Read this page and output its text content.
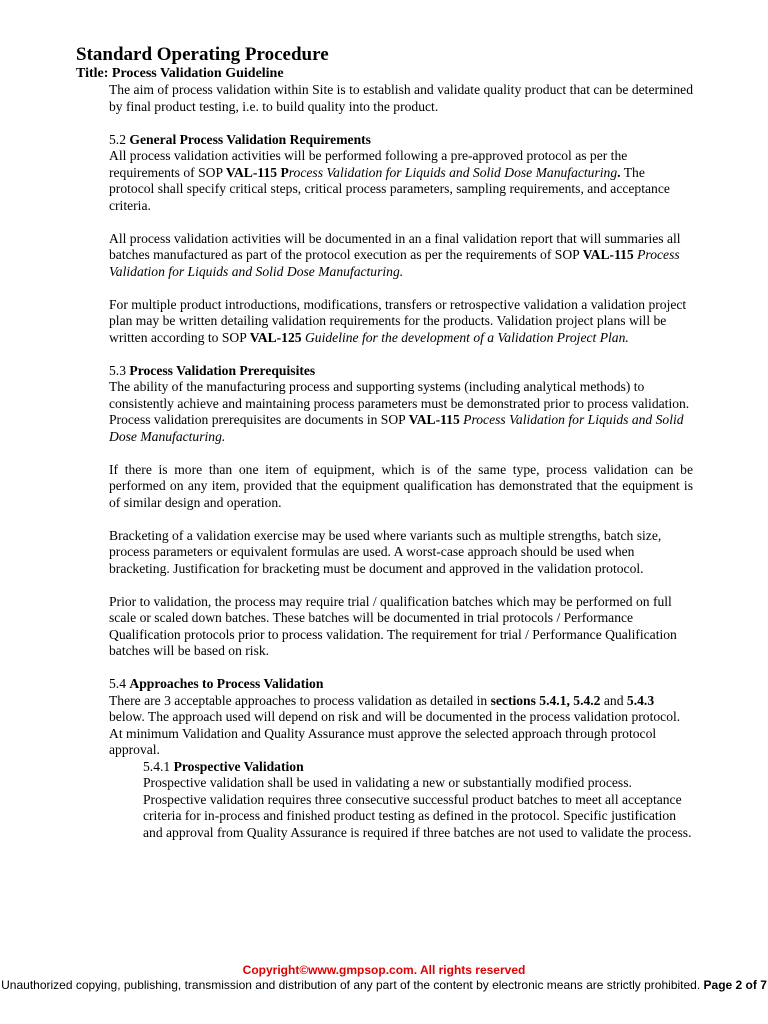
Standard Operating Procedure
Title: Process Validation Guideline

The aim of process validation within Site is to establish and validate quality product that can be determined by final product testing, i.e. to build quality into the product.

5.2 General Process Validation Requirements

All process validation activities will be performed following a pre-approved protocol as per the requirements of SOP VAL-115 Process Validation for Liquids and Solid Dose Manufacturing. The protocol shall specify critical steps, critical process parameters, sampling requirements, and acceptance criteria.

All process validation activities will be documented in an a final validation report that will summaries all batches manufactured as part of the protocol execution as per the requirements of SOP VAL-115 Process Validation for Liquids and Solid Dose Manufacturing.

For multiple product introductions, modifications, transfers or retrospective validation a validation project plan may be written detailing validation requirements for the products. Validation project plans will be written according to SOP VAL-125 Guideline for the development of a Validation Project Plan.

5.3 Process Validation Prerequisites

The ability of the manufacturing process and supporting systems (including analytical methods) to consistently achieve and maintaining process parameters must be demonstrated prior to process validation. Process validation prerequisites are documents in SOP VAL-115 Process Validation for Liquids and Solid Dose Manufacturing.

If there is more than one item of equipment, which is of the same type, process validation can be performed on any item, provided that the equipment qualification has demonstrated that the equipment is of similar design and operation.

Bracketing of a validation exercise may be used where variants such as multiple strengths, batch size, process parameters or equivalent formulas are used. A worst-case approach should be used when bracketing. Justification for bracketing must be document and approved in the validation protocol.

Prior to validation, the process may require trial / qualification batches which may be performed on full scale or scaled down batches. These batches will be documented in trial protocols / Performance Qualification protocols prior to process validation. The requirement for trial / Performance Qualification batches will be based on risk.

5.4 Approaches to Process Validation

There are 3 acceptable approaches to process validation as detailed in sections 5.4.1, 5.4.2 and 5.4.3 below. The approach used will depend on risk and will be documented in the process validation protocol. At minimum Validation and Quality Assurance must approve the selected approach through protocol approval.

5.4.1 Prospective Validation

Prospective validation shall be used in validating a new or substantially modified process.

Prospective validation requires three consecutive successful product batches to meet all acceptance criteria for in-process and finished product testing as defined in the protocol. Specific justification and approval from Quality Assurance is required if three batches are not used to validate the process.

Copyright©www.gmpsop.com. All rights reserved
Unauthorized copying, publishing, transmission and distribution of any part of the content by electronic means are strictly prohibited. Page 2 of 7
